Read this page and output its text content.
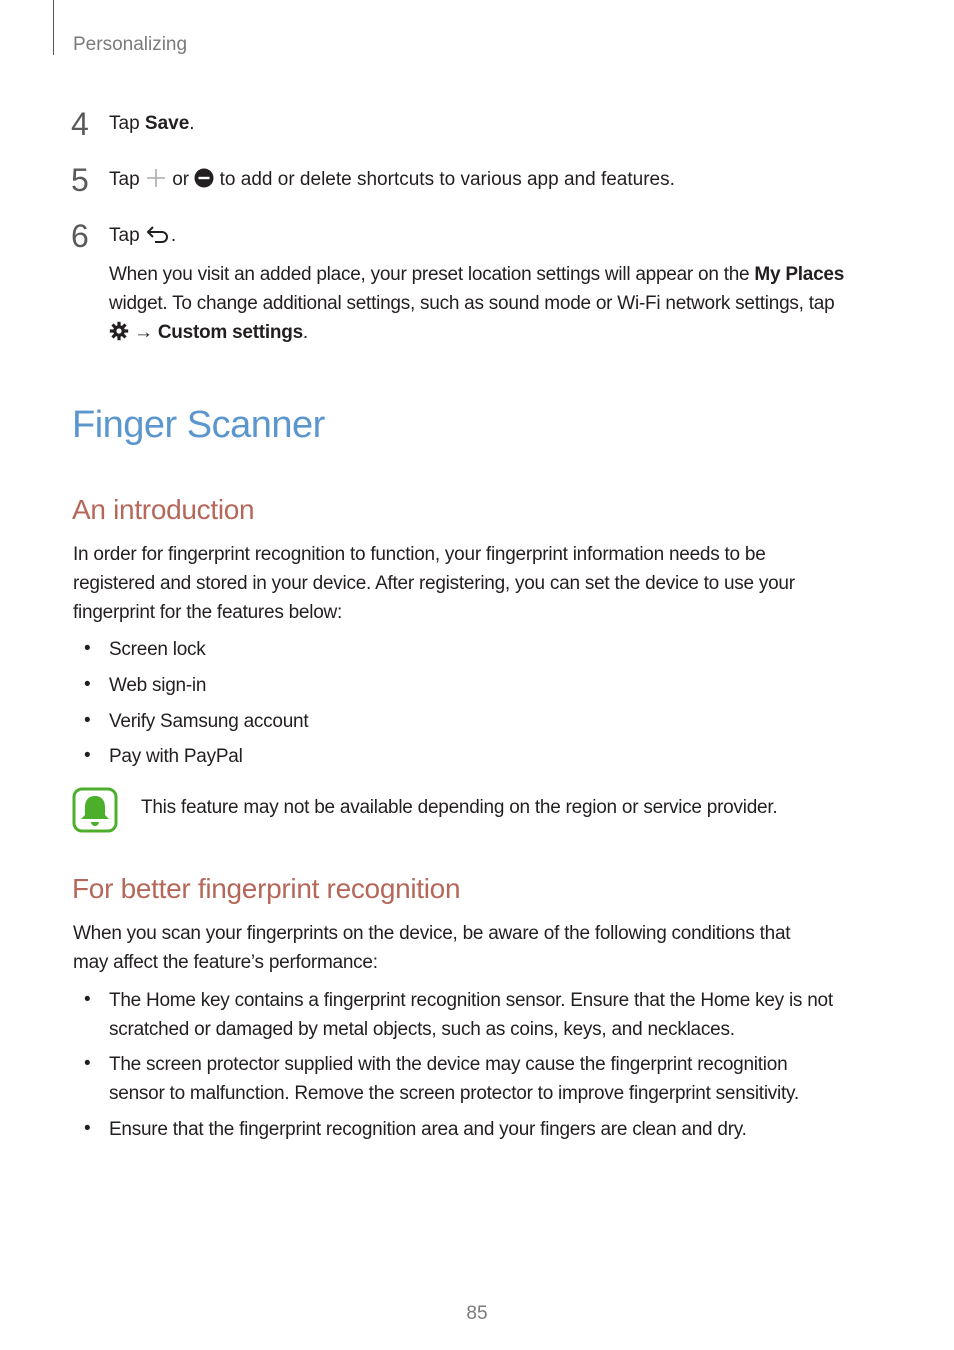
Personalizing
4 Tap Save.
5 Tap  or  to add or delete shortcuts to various app and features.
6 Tap .
When you visit an added place, your preset location settings will appear on the My Places
widget. To change additional settings, such as sound mode or Wi-Fi network settings, tap
→ Custom settings.
Finger Scanner
An introduction
In order for fingerprint recognition to function, your fingerprint information needs to be
registered and stored in your device. After registering, you can set the device to use your
fingerprint for the features below:
• Screen lock
• Web sign-in
• Verify Samsung account
• Pay with PayPal
This feature may not be available depending on the region or service provider.
For better fingerprint recognition
When you scan your fingerprints on the device, be aware of the following conditions that
may affect the feature’s performance:
• The Home key contains a fingerprint recognition sensor. Ensure that the Home key is not
scratched or damaged by metal objects, such as coins, keys, and necklaces.
• The screen protector supplied with the device may cause the fingerprint recognition
sensor to malfunction. Remove the screen protector to improve fingerprint sensitivity.
• Ensure that the fingerprint recognition area and your fingers are clean and dry.
85
